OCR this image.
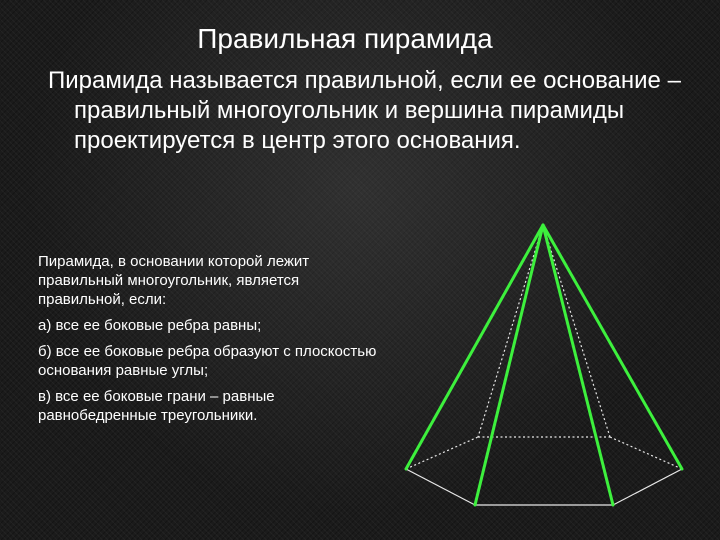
Правильная пирамида

Пирамида называется правильной, если ее основание – правильный многоугольник и вершина пирамиды проектируется в центр этого основания.

Пирамида, в основании которой лежит правильный многоугольник, является правильной, если:

а) все ее боковые ребра равны;

б) все ее боковые ребра образуют с плоскостью основания равные углы;

в) все ее боковые грани – равные равнобедренные треугольники.
